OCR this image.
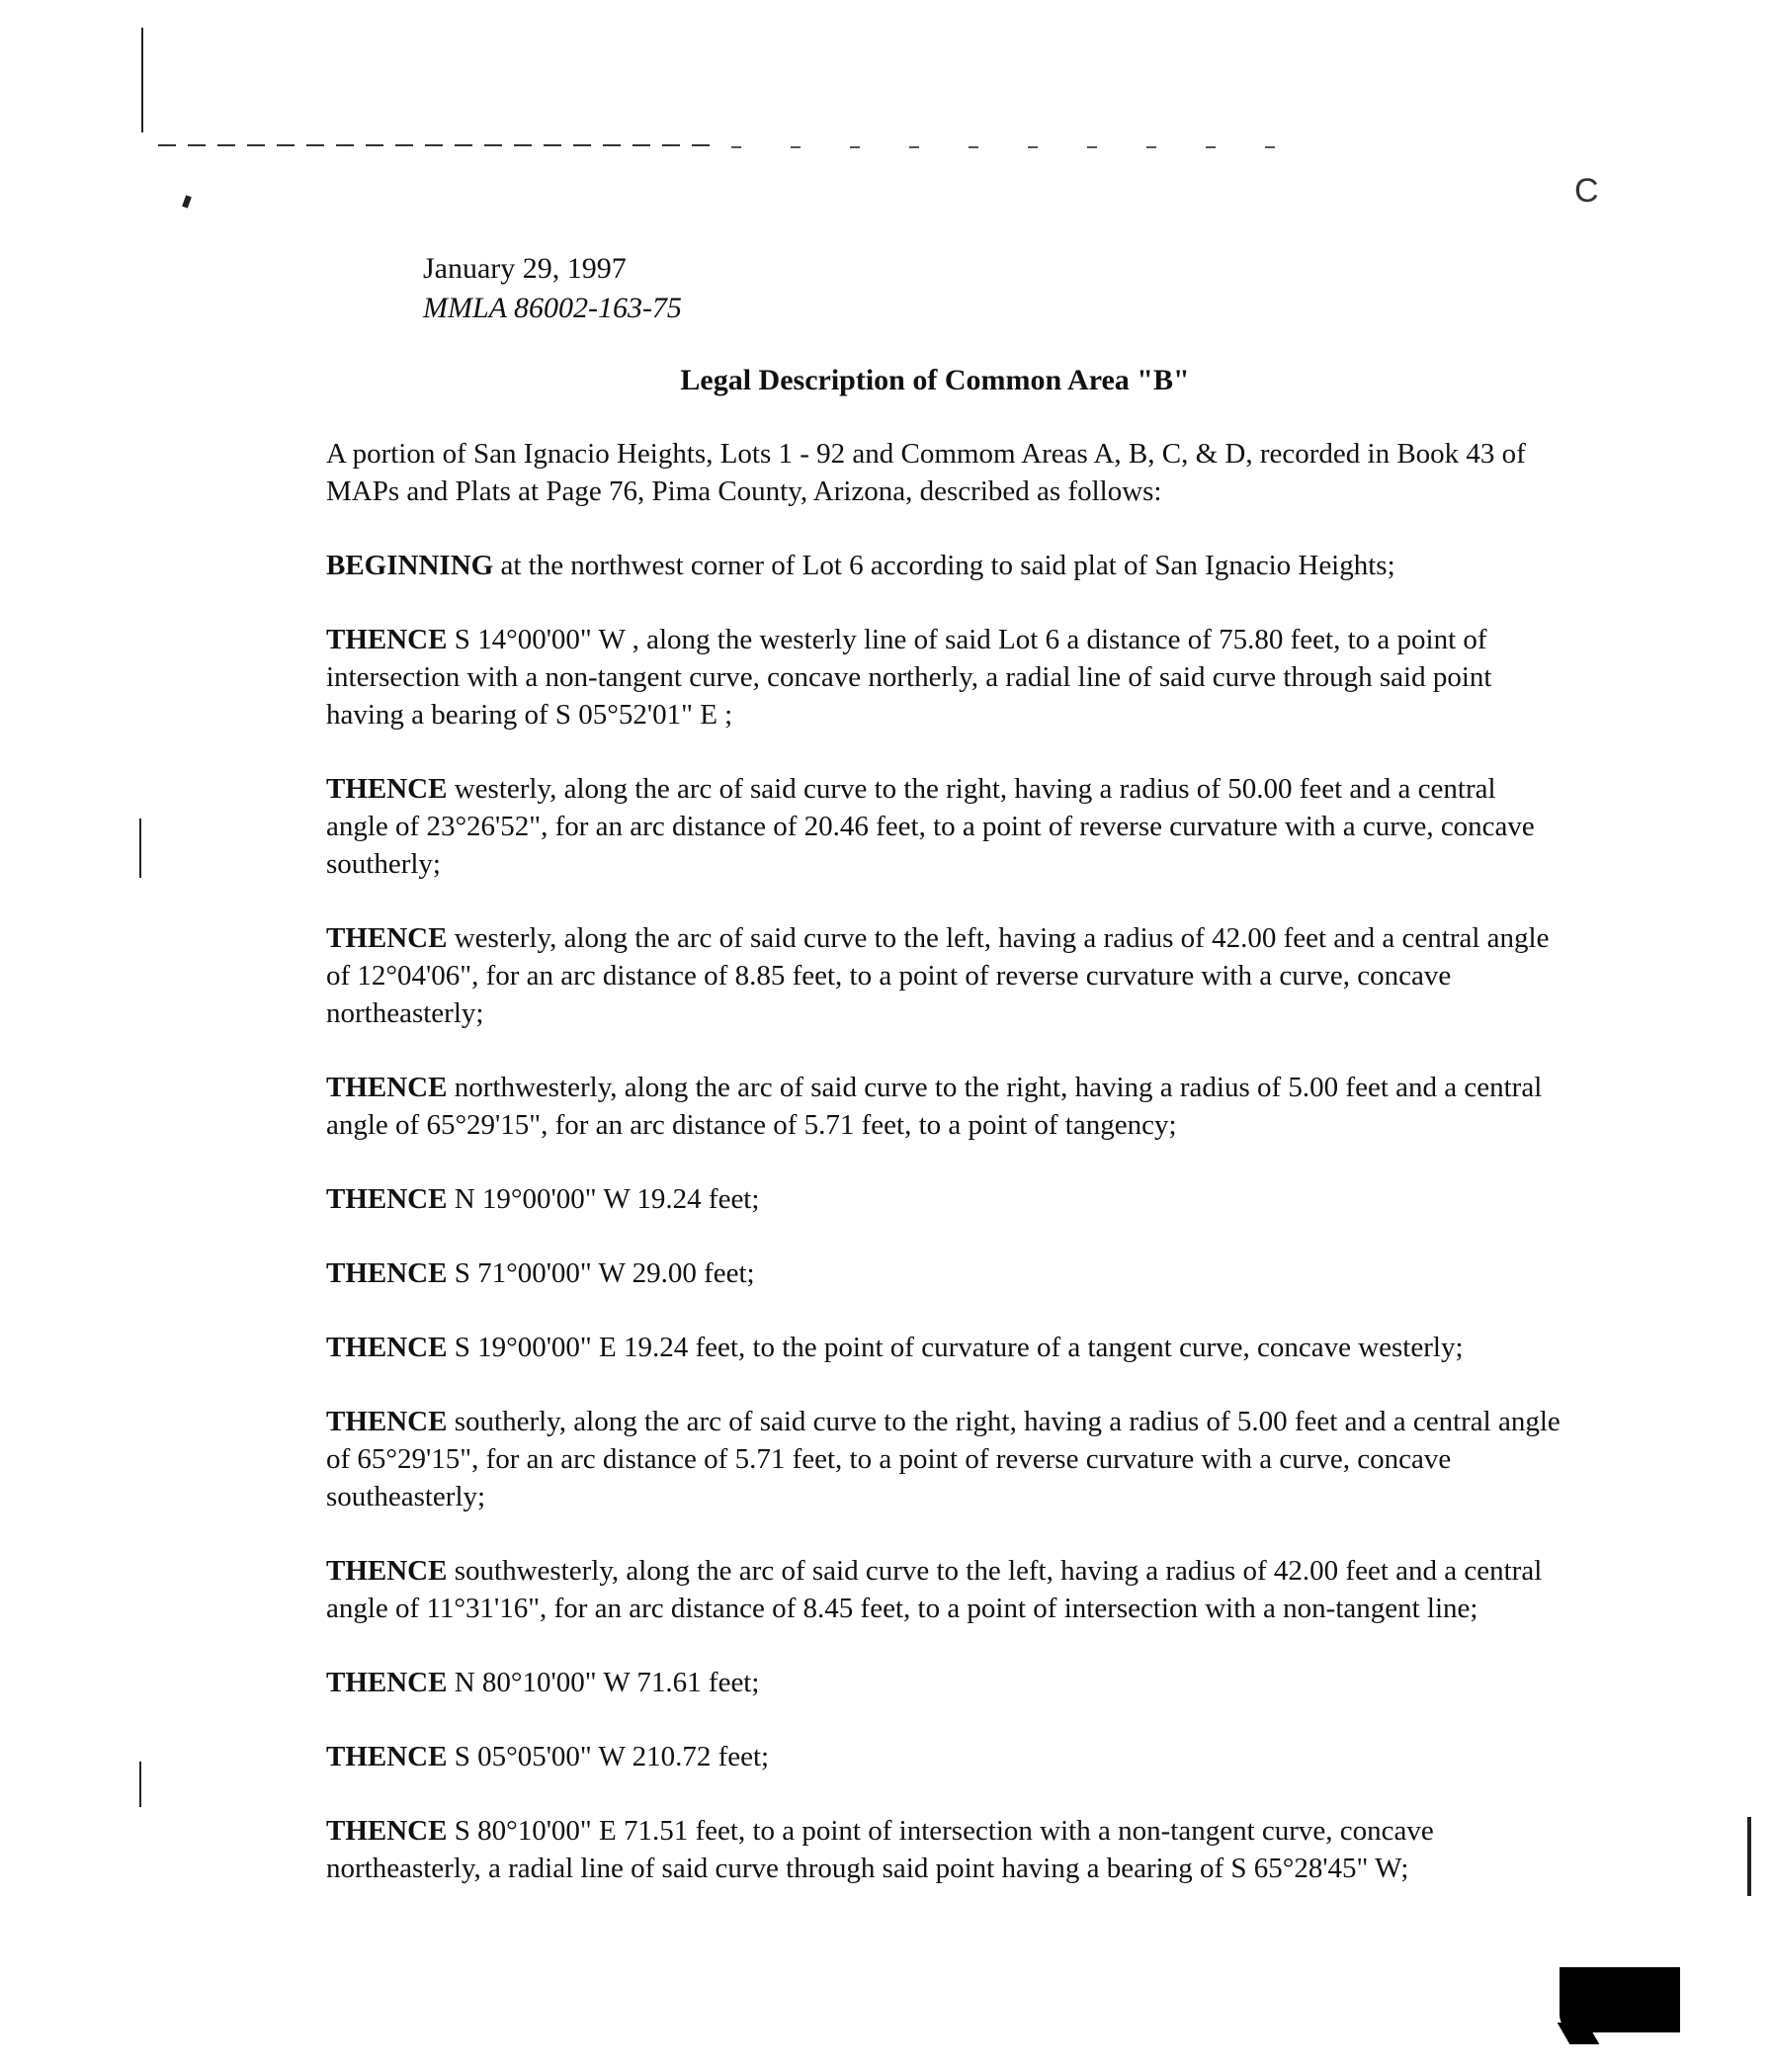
C
January 29, 1997
MMLA 86002-163-75
Legal Description of Common Area "B"

A portion of San Ignacio Heights, Lots 1 - 92 and Commom Areas A, B, C, & D, recorded in Book 43 of MAPs and Plats at Page 76, Pima County, Arizona, described as follows:

BEGINNING at the northwest corner of Lot 6 according to said plat of San Ignacio Heights;

THENCE S 14°00'00" W , along the westerly line of said Lot 6 a distance of 75.80 feet, to a point of intersection with a non-tangent curve, concave northerly, a radial line of said curve through said point having a bearing of S 05°52'01" E ;

THENCE westerly, along the arc of said curve to the right, having a radius of 50.00 feet and a central angle of 23°26'52", for an arc distance of 20.46 feet, to a point of reverse curvature with a curve, concave southerly;

THENCE westerly, along the arc of said curve to the left, having a radius of 42.00 feet and a central angle of 12°04'06", for an arc distance of 8.85 feet, to a point of reverse curvature with a curve, concave northeasterly;

THENCE northwesterly, along the arc of said curve to the right, having a radius of 5.00 feet and a central angle of 65°29'15", for an arc distance of 5.71 feet, to a point of tangency;

THENCE N 19°00'00" W 19.24 feet;

THENCE S 71°00'00" W 29.00 feet;

THENCE S 19°00'00" E 19.24 feet, to the point of curvature of a tangent curve, concave westerly;

THENCE southerly, along the arc of said curve to the right, having a radius of 5.00 feet and a central angle of 65°29'15", for an arc distance of 5.71 feet, to a point of reverse curvature with a curve, concave southeasterly;

THENCE southwesterly, along the arc of said curve to the left, having a radius of 42.00 feet and a central angle of 11°31'16", for an arc distance of 8.45 feet, to a point of intersection with a non-tangent line;

THENCE N 80°10'00" W 71.61 feet;

THENCE S 05°05'00" W 210.72 feet;

THENCE S 80°10'00" E 71.51 feet, to a point of intersection with a non-tangent curve, concave northeasterly, a radial line of said curve through said point having a bearing of S 65°28'45" W;
